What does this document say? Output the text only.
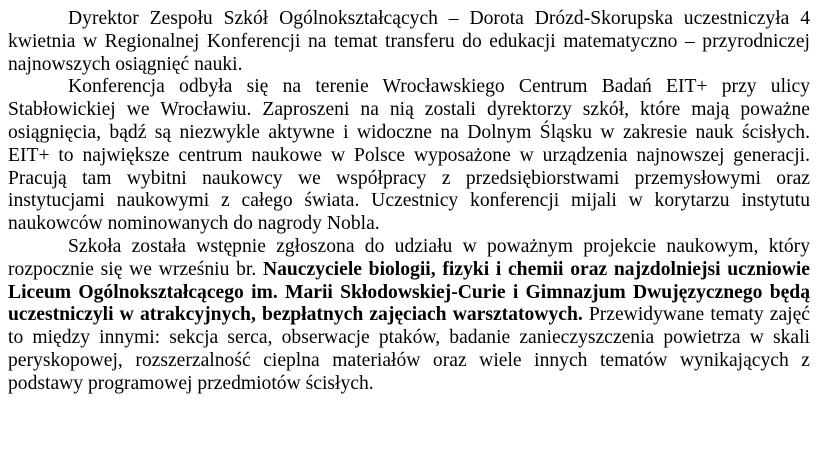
Dyrektor Zespołu Szkół Ogólnokształcących – Dorota Drózd-Skorupska uczestniczyła 4 kwietnia w Regionalnej Konferencji na temat transferu do edukacji matematyczno – przyrodniczej najnowszych osiągnięć nauki.

Konferencja odbyła się na terenie Wrocławskiego Centrum Badań EIT+ przy ulicy Stabłowickiej we Wrocławiu. Zaproszeni na nią zostali dyrektorzy szkół, które mają poważne osiągnięcia, bądź są niezwykle aktywne i widoczne na Dolnym Śląsku w zakresie nauk ścisłych. EIT+ to największe centrum naukowe w Polsce wyposażone w urządzenia najnowszej generacji. Pracują tam wybitni naukowcy we współpracy z przedsiębiorstwami przemysłowymi oraz instytucjami naukowymi z całego świata. Uczestnicy konferencji mijali w korytarzu instytutu naukowców nominowanych do nagrody Nobla.

Szkoła została wstępnie zgłoszona do udziału w poważnym projekcie naukowym, który rozpocznie się we wrześniu br. Nauczyciele biologii, fizyki i chemii oraz najzdolniejsi uczniowie Liceum Ogólnokształcącego im. Marii Skłodowskiej-Curie i Gimnazjum Dwujęzycznego będą uczestniczyli w atrakcyjnych, bezpłatnych zajęciach warsztatowych. Przewidywane tematy zajęć to między innymi: sekcja serca, obserwacje ptaków, badanie zanieczyszczenia powietrza w skali peryskopowej, rozszerzalność cieplna materiałów oraz wiele innych tematów wynikających z podstawy programowej przedmiotów ścisłych.
